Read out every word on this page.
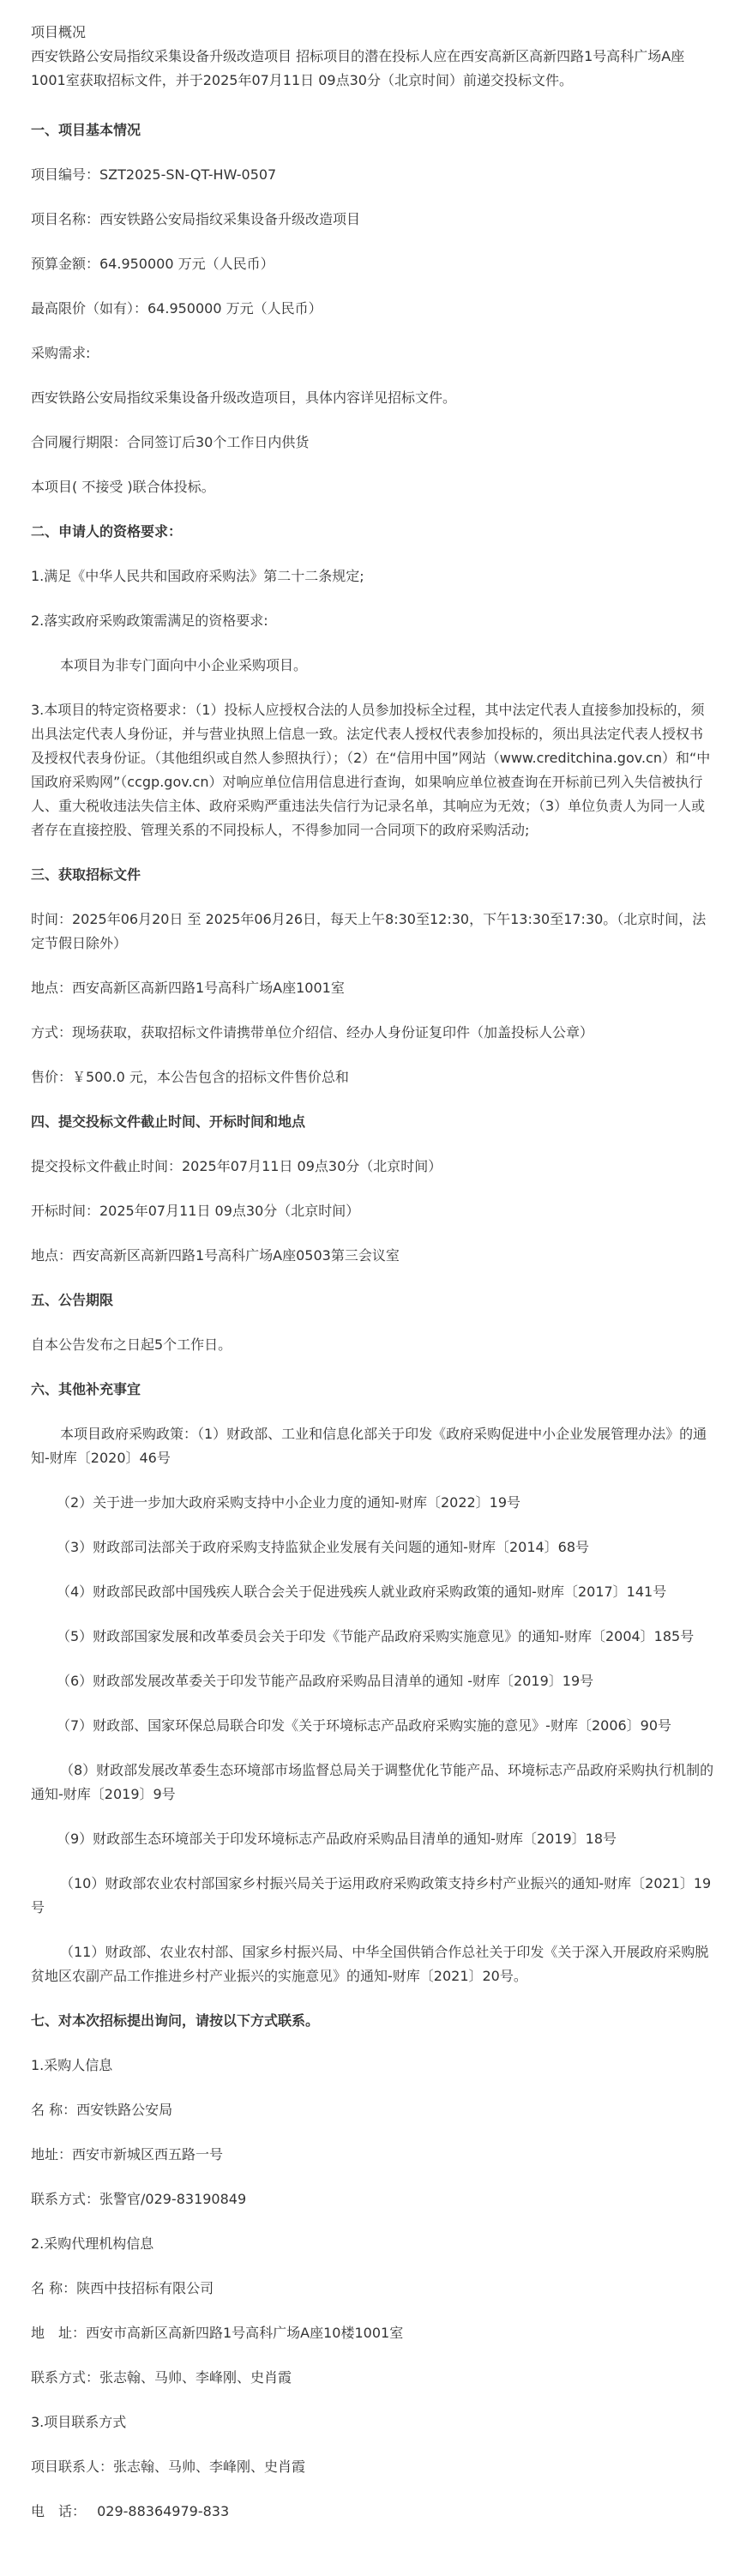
项目概况

西安铁路公安局指纹采集设备升级改造项目 招标项目的潜在投标人应在西安高新区高新四路1号高科广场A座1001室获取招标文件，并于2025年07月11日 09点30分（北京时间）前递交投标文件。

一、项目基本情况

项目编号：SZT2025-SN-QT-HW-0507

项目名称：西安铁路公安局指纹采集设备升级改造项目

预算金额：64.950000 万元（人民币）

最高限价（如有）：64.950000 万元（人民币）

采购需求:

西安铁路公安局指纹采集设备升级改造项目，具体内容详见招标文件。

合同履行期限：合同签订后30个工作日内供货

本项目( 不接受 )联合体投标。

二、申请人的资格要求：

1.满足《中华人民共和国政府采购法》第二十二条规定;

2.落实政府采购政策需满足的资格要求:

本项目为非专门面向中小企业采购项目。

3.本项目的特定资格要求：（1）投标人应授权合法的人员参加投标全过程，其中法定代表人直接参加投标的，须出具法定代表人身份证，并与营业执照上信息一致。法定代表人授权代表参加投标的，须出具法定代表人授权书及授权代表身份证。（其他组织或自然人参照执行）；（2）在“信用中国”网站（www.creditchina.gov.cn）和“中国政府采购网”（ccgp.gov.cn）对响应单位信用信息进行查询，如果响应单位被查询在开标前已列入失信被执行人、重大税收违法失信主体、政府采购严重违法失信行为记录名单，其响应为无效；（3）单位负责人为同一人或者存在直接控股、管理关系的不同投标人，不得参加同一合同项下的政府采购活动;

三、获取招标文件

时间：2025年06月20日 至 2025年06月26日，每天上午8:30至12:30，下午13:30至17:30。（北京时间，法定节假日除外）

地点：西安高新区高新四路1号高科广场A座1001室

方式：现场获取，获取招标文件请携带单位介绍信、经办人身份证复印件（加盖投标人公章）

售价：￥500.0 元，本公告包含的招标文件售价总和

四、提交投标文件截止时间、开标时间和地点

提交投标文件截止时间：2025年07月11日 09点30分（北京时间）

开标时间：2025年07月11日 09点30分（北京时间）

地点：西安高新区高新四路1号高科广场A座0503第三会议室

五、公告期限

自本公告发布之日起5个工作日。

六、其他补充事宜

本项目政府采购政策：（1）财政部、工业和信息化部关于印发《政府采购促进中小企业发展管理办法》的通知-财库〔2020〕46号

（2）关于进一步加大政府采购支持中小企业力度的通知-财库〔2022〕19号

（3）财政部司法部关于政府采购支持监狱企业发展有关问题的通知-财库〔2014〕68号

（4）财政部民政部中国残疾人联合会关于促进残疾人就业政府采购政策的通知-财库〔2017〕141号

（5）财政部国家发展和改革委员会关于印发《节能产品政府采购实施意见》的通知-财库〔2004〕185号

（6）财政部发展改革委关于印发节能产品政府采购品目清单的通知 -财库〔2019〕19号

（7）财政部、国家环保总局联合印发《关于环境标志产品政府采购实施的意见》-财库〔2006〕90号

（8）财政部发展改革委生态环境部市场监督总局关于调整优化节能产品、环境标志产品政府采购执行机制的通知-财库〔2019〕9号

（9）财政部生态环境部关于印发环境标志产品政府采购品目清单的通知-财库〔2019〕18号

（10）财政部农业农村部国家乡村振兴局关于运用政府采购政策支持乡村产业振兴的通知-财库〔2021〕19号

（11）财政部、农业农村部、国家乡村振兴局、中华全国供销合作总社关于印发《关于深入开展政府采购脱贫地区农副产品工作推进乡村产业振兴的实施意见》的通知-财库〔2021〕20号。

七、对本次招标提出询问，请按以下方式联系。

1.采购人信息

名 称：西安铁路公安局

地址：西安市新城区西五路一号

联系方式：张警官/029-83190849

2.采购代理机构信息

名 称：陕西中技招标有限公司

地　址：西安市高新区高新四路1号高科广场A座10楼1001室

联系方式：张志翰、马帅、李峰刚、史肖霞

3.项目联系方式

项目联系人：张志翰、马帅、李峰刚、史肖霞

电　话：　 029-88364979-833
